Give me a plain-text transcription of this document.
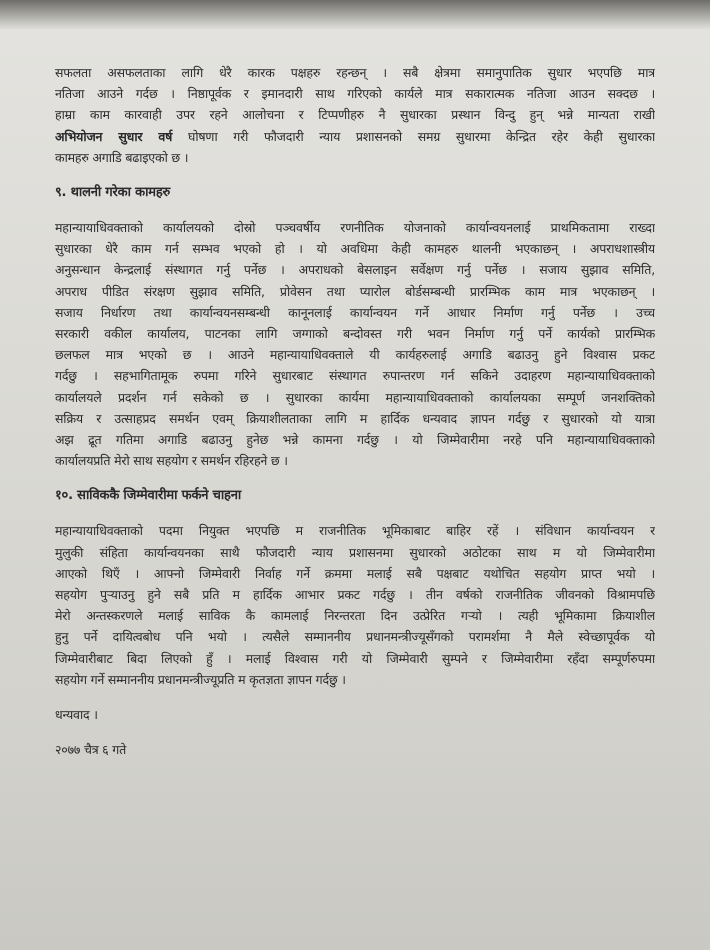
सफलता असफलताका लागि धेरै कारक पक्षहरु रहन्छन् । सबै क्षेत्रमा समानुपातिक सुधार भएपछि मात्र
नतिजा आउने गर्दछ । निष्ठापूर्वक र इमानदारी साथ गरिएको कार्यले मात्र सकारात्मक नतिजा आउन सक्दछ ।
हाम्रा काम कारवाही उपर रहने आलोचना र टिप्पणीहरु नै सुधारका प्रस्थान विन्दु हुन् भन्ने मान्यता राखी
अभियोजन सुधार वर्ष घोषणा गरी फौजदारी न्याय प्रशासनको समग्र सुधारमा केन्द्रित रहेर केही सुधारका
कामहरु अगाडि बढाइएको छ ।

९. थालनी गरेका कामहरु

महान्यायाधिवक्ताको कार्यालयको दोस्रो पञ्चवर्षीय रणनीतिक योजनाको कार्यान्वयनलाई प्राथमिकतामा राख्दा
सुधारका धेरै काम गर्न सम्भव भएको हो । यो अवधिमा केही कामहरु थालनी भएकाछन् । अपराधशास्त्रीय
अनुसन्धान केन्द्रलाई संस्थागत गर्नु पर्नेछ । अपराधको बेसलाइन सर्वेक्षण गर्नु पर्नेछ । सजाय सुझाव समिति,
अपराध पीडित संरक्षण सुझाव समिति, प्रोवेसन तथा प्यारोल बोर्डसम्बन्धी प्रारम्भिक काम मात्र भएकाछन् ।
सजाय निर्धारण तथा कार्यान्वयनसम्बन्धी कानूनलाई कार्यान्वयन गर्ने आधार निर्माण गर्नु पर्नेछ । उच्च
सरकारी वकील कार्यालय, पाटनका लागि जग्गाको बन्दोवस्त गरी भवन निर्माण गर्नु पर्ने कार्यको प्रारम्भिक
छलफल मात्र भएको छ । आउने महान्यायाधिवक्ताले यी कार्यहरुलाई अगाडि बढाउनु हुने विश्वास प्रकट
गर्दछु । सहभागितामूक रुपमा गरिने सुधारबाट संस्थागत रुपान्तरण गर्न सकिने उदाहरण महान्यायाधिवक्ताको
कार्यालयले प्रदर्शन गर्न सकेको छ । सुधारका कार्यमा महान्यायाधिवक्ताको कार्यालयका सम्पूर्ण जनशक्तिको
सक्रिय र उत्साहप्रद समर्थन एवम् क्रियाशीलताका लागि म हार्दिक धन्यवाद ज्ञापन गर्दछु र सुधारको यो यात्रा
अझ द्रूत गतिमा अगाडि बढाउनु हुनेछ भन्ने कामना गर्दछु । यो जिम्मेवारीमा नरहे पनि महान्यायाधिवक्ताको
कार्यालयप्रति मेरो साथ सहयोग र समर्थन रहिरहने छ ।

१०. साविककै जिम्मेवारीमा फर्कने चाहना

महान्यायाधिवक्ताको पदमा नियुक्त भएपछि म राजनीतिक भूमिकाबाट बाहिर रहें । संविधान कार्यान्वयन र
मुलुकी संहिता कार्यान्वयनका साथै फौजदारी न्याय प्रशासनमा सुधारको अठोटका साथ म यो जिम्मेवारीमा
आएको थिएँ । आफ्नो जिम्मेवारी निर्वाह गर्ने क्रममा मलाई सबै पक्षबाट यथोचित सहयोग प्राप्त भयो ।
सहयोग पुर्‍याउनु हुने सबै प्रति म हार्दिक आभार प्रकट गर्दछु । तीन वर्षको राजनीतिक जीवनको विश्रामपछि
मेरो अन्तस्करणले मलाई साविक कै कामलाई निरन्तरता दिन उत्प्रेरित गर्‍यो । त्यही भूमिकामा क्रियाशील
हुनु पर्ने दायित्वबोध पनि भयो । त्यसैले सम्माननीय प्रधानमन्त्रीज्यूसँगको परामर्शमा नै मैले स्वेच्छापूर्वक यो
जिम्मेवारीबाट बिदा लिएको हुँ । मलाई विश्वास गरी यो जिम्मेवारी सुम्पने र जिम्मेवारीमा रहँदा सम्पूर्णरुपमा
सहयोग गर्ने सम्माननीय प्रधानमन्त्रीज्यूप्रति म कृतज्ञता ज्ञापन गर्दछु ।

धन्यवाद ।

२०७७ चैत्र ६ गते
